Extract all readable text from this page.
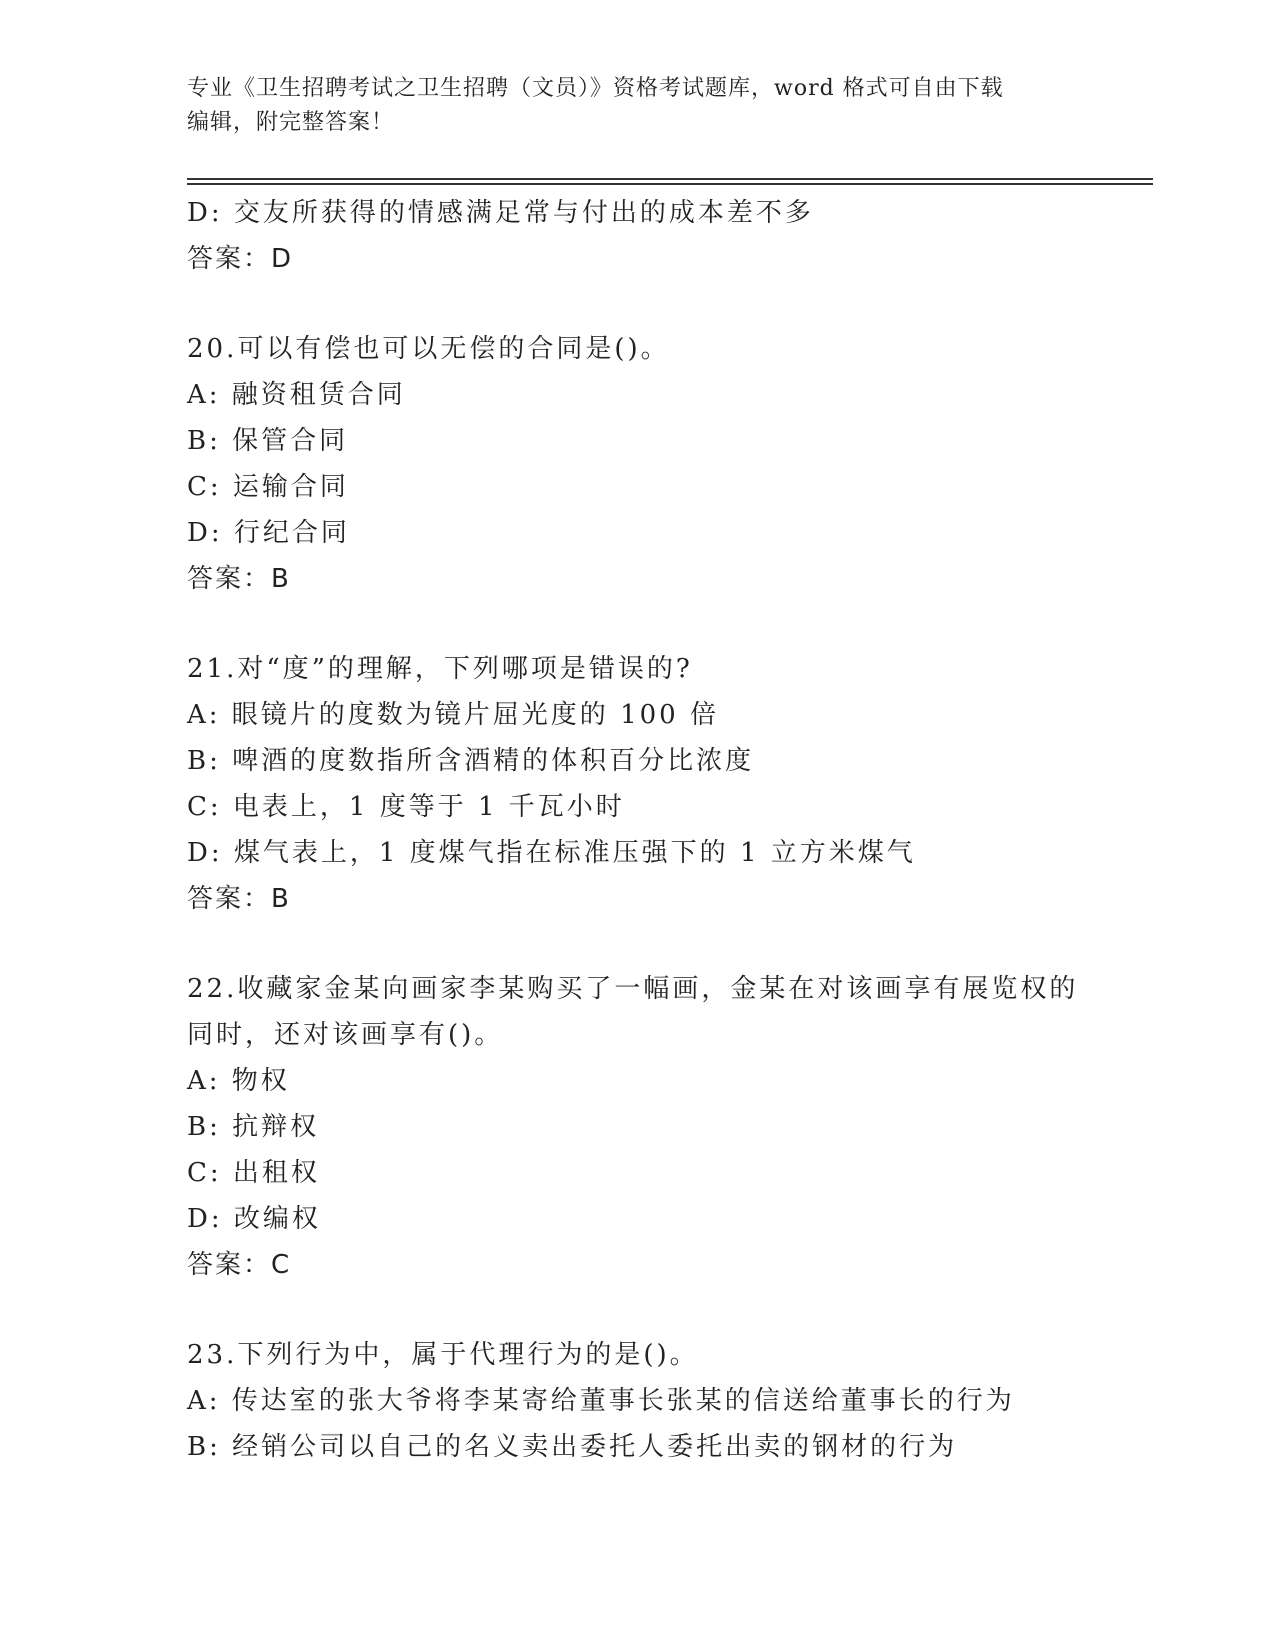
专业《卫生招聘考试之卫生招聘（文员）》资格考试题库，word 格式可自由下载
编辑，附完整答案！
D: 交友所获得的情感满足常与付出的成本差不多
答案：D
20.可以有偿也可以无偿的合同是()。
A: 融资租赁合同
B: 保管合同
C: 运输合同
D: 行纪合同
答案：B
21.对“度”的理解，下列哪项是错误的?
A: 眼镜片的度数为镜片屈光度的 100 倍
B: 啤酒的度数指所含酒精的体积百分比浓度
C: 电表上，1 度等于 1 千瓦小时
D: 煤气表上，1 度煤气指在标准压强下的 1 立方米煤气
答案：B
22.收藏家金某向画家李某购买了一幅画，金某在对该画享有展览权的
同时，还对该画享有()。
A: 物权
B: 抗辩权
C: 出租权
D: 改编权
答案：C
23.下列行为中，属于代理行为的是()。
A: 传达室的张大爷将李某寄给董事长张某的信送给董事长的行为
B: 经销公司以自己的名义卖出委托人委托出卖的钢材的行为
